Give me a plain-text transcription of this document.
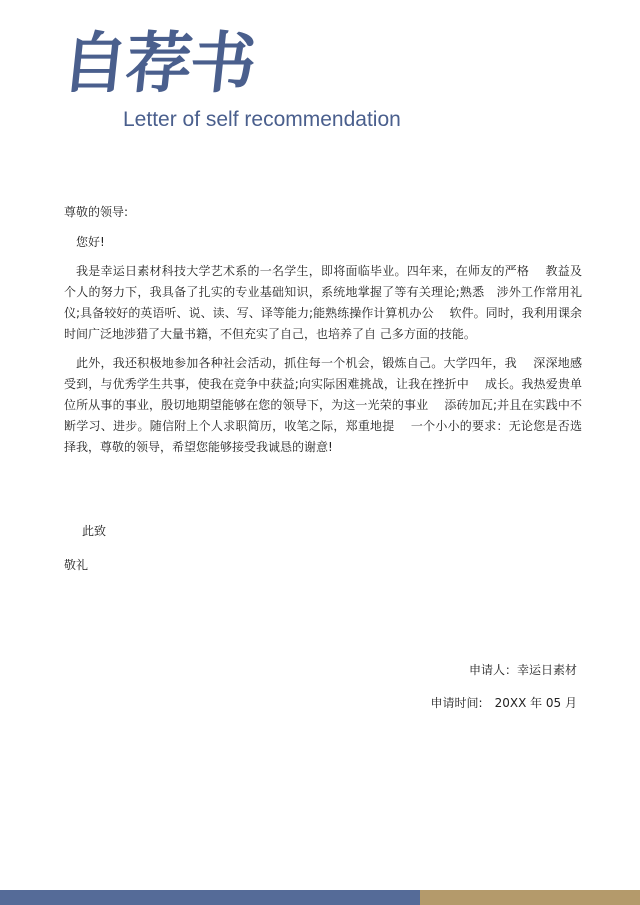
自荐书
Letter of self recommendation

尊敬的领导:

您好!

我是幸运日素材科技大学艺术系的一名学生，即将面临毕业。四年来，在师友的严格　 教益及个人的努力下，我具备了扎实的专业基础知识，系统地掌握了等有关理论;熟悉　涉外工作常用礼仪;具备较好的英语听、说、读、写、译等能力;能熟练操作计算机办公　 软件。同时，我利用课余时间广泛地涉猎了大量书籍，不但充实了自己，也培养了自 己多方面的技能。

此外，我还积极地参加各种社会活动，抓住每一个机会，锻炼自己。大学四年，我　 深深地感受到，与优秀学生共事，使我在竞争中获益;向实际困难挑战，让我在挫折中　 成长。我热爱贵单位所从事的事业，殷切地期望能够在您的领导下，为这一光荣的事业　 添砖加瓦;并且在实践中不断学习、进步。随信附上个人求职简历，收笔之际，郑重地提　 一个小小的要求：无论您是否选择我，尊敬的领导，希望您能够接受我诚恳的谢意!

此致
敬礼
申请人：幸运日素材
申请时间:　20XX 年 05 月
